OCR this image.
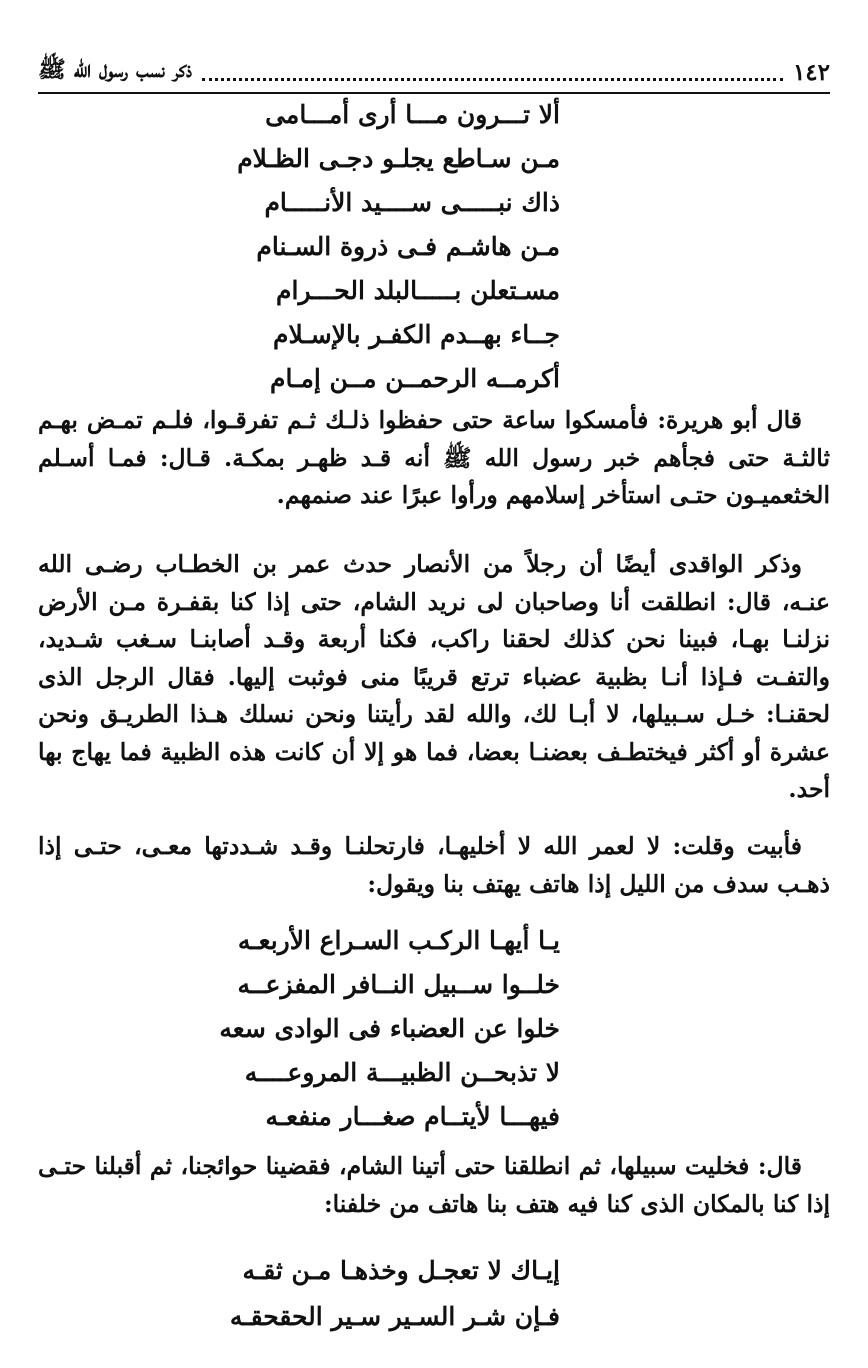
١٤٢
ذكر نسب رسول الله ﷺ
ألا تـــرون مـــا أرى أمـــامى
مـن سـاطع يجلـو دجـى الظـلام
ذاك نبـــــى ســــيد الأنـــــام
مـن هاشـم فـى ذروة السـنام
مسـتعلن بـــــالبلد الحـــرام
جــاء بهــدم الكفـر بالإسـلام
أكرمــه الرحمــن مــن إمـام

قال أبو هريرة: فأمسكوا ساعة حتى حفظوا ذلـك ثـم تفرقـوا، فلـم تمـض بهـم ثالثـة حتى فجأهم خبر رسول الله ﷺ أنه قـد ظهـر بمكـة. قـال: فمـا أسـلم الخثعميـون حتـى استأخر إسلامهم ورأوا عبرًا عند صنمهم.

وذكر الواقدى أيضًا أن رجلاً من الأنصار حدث عمر بن الخطـاب رضـى الله عنـه، قال: انطلقت أنا وصاحبان لى نريد الشام، حتى إذا كنا بقفـرة مـن الأرض نزلنـا بهـا، فبينا نحن كذلك لحقنا راكب، فكنا أربعة وقـد أصابنـا سـغب شـديد، والتفـت فـإذا أنـا بظبية عضباء ترتع قريبًا منى فوثبت إليها. فقال الرجل الذى لحقنـا: خـل سـبيلها، لا أبـا لك، والله لقد رأيتنا ونحن نسلك هـذا الطريـق ونحن عشرة أو أكثر فيختطـف بعضنـا بعضا، فما هو إلا أن كانت هذه الظبية فما يهاج بها أحد.

فأبيت وقلت: لا لعمر الله لا أخليهـا، فارتحلنـا وقـد شـددتها معـى، حتـى إذا ذهـب سدف من الليل إذا هاتف يهتف بنا ويقول:

يـا أيهـا الركـب السـراع الأربعـه
خلــوا ســبيل النــافر المفزعــه
خلوا عن العضباء فى الوادى سعه
لا تذبحــن الظبيـــة المروعــــه
فيهـــا لأيتــام صغـــار منفعـه

قال: فخليت سبيلها، ثم انطلقنا حتى أتينا الشام، فقضينا حوائجنا، ثم أقبلنا حتـى إذا كنا بالمكان الذى كنا فيه هتف بنا هاتف من خلفنا:

إيـاك لا تعجـل وخذهـا مـن ثقـه
فـإن شـر السـير سـير الحقحقـه
